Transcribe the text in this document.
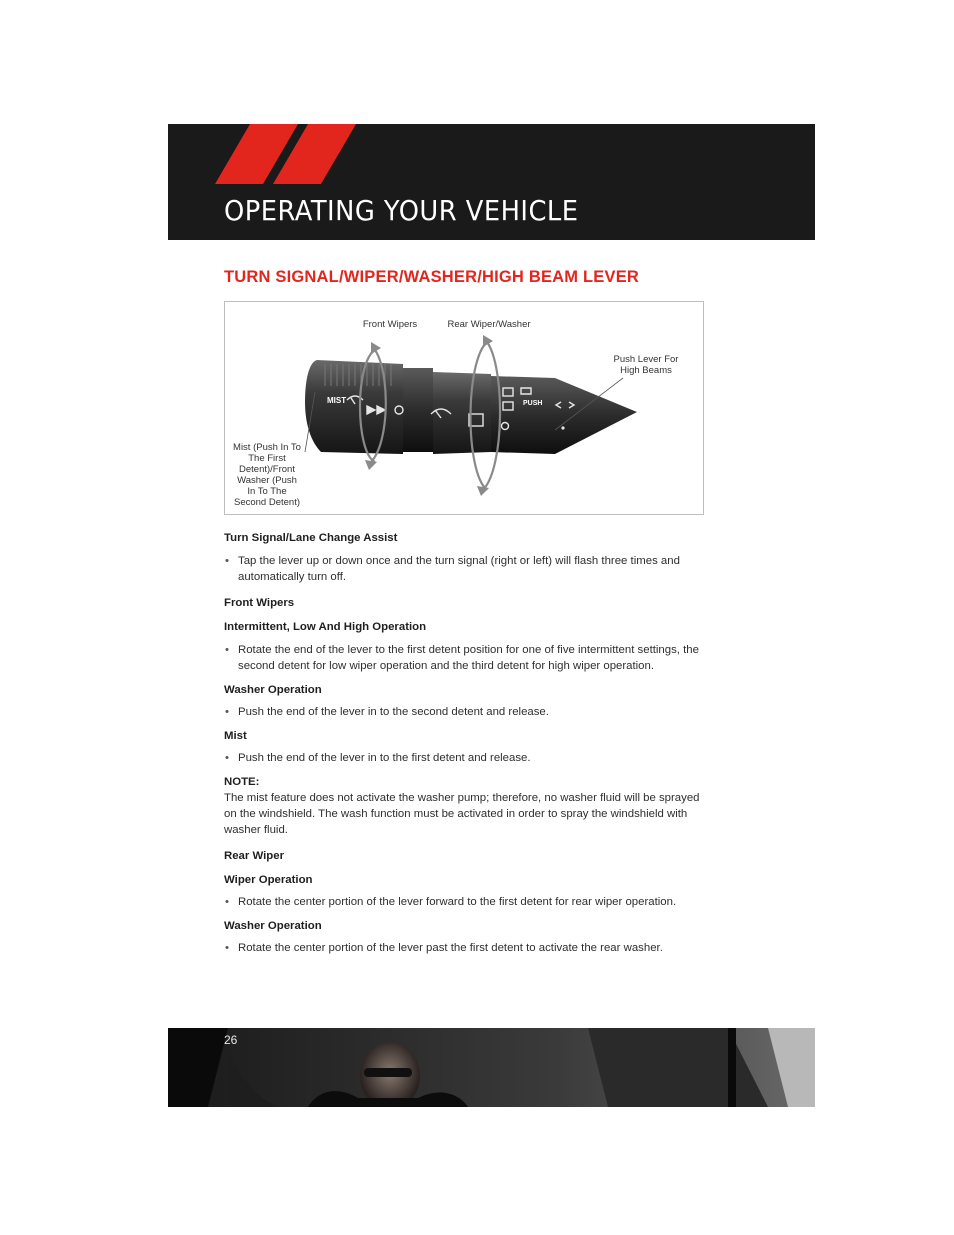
OPERATING YOUR VEHICLE
TURN SIGNAL/WIPER/WASHER/HIGH BEAM LEVER
MIST	PUSH
Front Wipers	Rear Wiper/Washer
Push Lever For
High Beams
Mist (Push In To
The First
Detent)/Front
Washer (Push
In To The
Second Detent)

Turn Signal/Lane Change Assist

• Tap the lever up or down once and the turn signal (right or left) will flash three times and automatically turn off.

Front Wipers

Intermittent, Low And High Operation

• Rotate the end of the lever to the first detent position for one of five intermittent settings, the second detent for low wiper operation and the third detent for high wiper operation.

Washer Operation

• Push the end of the lever in to the second detent and release.

Mist

• Push the end of the lever in to the first detent and release.

NOTE:

The mist feature does not activate the washer pump; therefore, no washer fluid will be sprayed on the windshield. The wash function must be activated in order to spray the windshield with washer fluid.

Rear Wiper

Wiper Operation

• Rotate the center portion of the lever forward to the first detent for rear wiper operation.

Washer Operation

• Rotate the center portion of the lever past the first detent to activate the rear washer.

26
